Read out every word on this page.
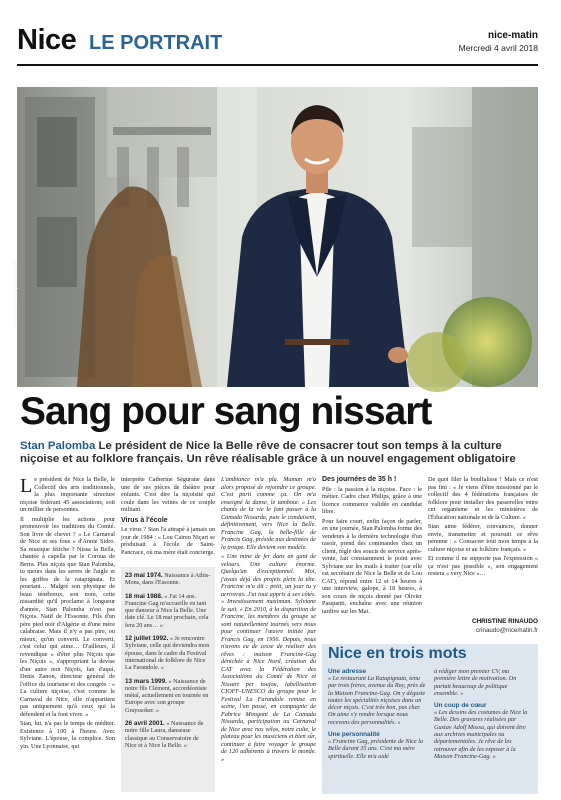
Nice LE PORTRAIT	nice-matin
Mercredi 4 avril 2018
Photo Jean-François Ottonello
Sang pour sang nissart
Stan Palomba Le président de Nice la Belle rêve de consacrer tout son temps à la culture niçoise et au folklore français. Un rêve réalisable grâce à un nouvel engagement obligatoire

Le président de Nice la Belle, le Collectif des arts traditionnels, la plus importante structure niçoise fédérant 45 associations, soit un millier de personnes.

Il multiplie les actions pour promouvoir les traditions du Comté. Son livre de chevet ? « Le Carnaval de Nice et ses fous » d'Annie Sidro. Sa musique fétiche ? Nissa la Bella, chantée à capella par le Coroua de Berra. Plus niçois que Stan Palomba, tu meurs dans les serres de l'aigle et les griffes de la ratapignata. Et pourtant… Malgré son physique de beau ténébreux, son nom, cette nissardité qu'il proclame à longueur d'année, Stan Palomba n'est pas Niçois. Natif de l'Essonne. Fils d'un père pied noir d'Algérie et d'une mère calabraise. Mais il n'y a pas pire, ou mieux, qu'un converti. Le converti, c'est celui qui aime… D'ailleurs, il revendique « d'être plus Niçois que les Niçois », s'appropriant la devise d'un autre non Niçois, fan d'aquí, Denis Zanon, directeur général de l'office du tourisme et des congrès : « La culture niçoise, c'est comme le Carnaval de Nice, elle n'appartient pas uniquement qu'à ceux qui la défendent et la font vivre. »

Stan, lui, n'a pas le temps de méditer. Existence à 100 à l'heure. Avec Sylviane. L'épouse, la complice. Son yin. Une Lyonnaise, qui

interprète Catherine Ségurane dans une de ses pièces de théâtre pour enfants. C'est dire la niçoisité qui coule dans les veines de ce couple militant.

Virus à l'école

Le virus ? Stan l'a attrapé à jamais un jour de 1984 : « Lou Caireu Niçart se produisait à l'école de Saint-Pancrace, où ma mère était concierge.

23 mai 1974. Naissance à Athis-Mons, dans l'Essonne.
18 mai 1988. « J'ai 14 ans. Francine Gag m'accueille en tant que danseur à Nice la Belle. Une date clé. Le 18 mai prochain, cela fera 20 ans… »
12 juillet 1992. « Je rencontre Sylviane, celle qui deviendra mon épouse, dans le cadre du Festival international de folklore de Nice La Farandole. »
13 mars 1999. « Naissance de notre fils Clément, accordéoniste métal, actuellement en tournée en Europe avec son groupe Grayssoker. »
26 avril 2001. « Naissance de notre fille Laura, danseuse classique au Conservatoire de Nice et à Nice la Belle. »

L'ambiance m'a plu. Maman m'a alors proposé de rejoindre ce groupe. C'est parti comme ça. On m'a enseigné la danse, le tambour. » Les chants de la vie le font passer à la Camada Nissarda, puis le conduisent, définitivement, vers Nice la Belle. Francine Gag, la belle-fille de Francis Gag, préside aux destinées de la troupe. Elle devient son modèle.

« Une mine de fer dans un gant de velours. Une culture énorme. Quelqu'un d'exceptionnel. Moi, j'avais déjà des projets plein la tête. Francine m'a dit : petit, un jour tu y arriveras. J'ai tout appris à ses côtés. » Investissement maximum. Sylviane le suit. « En 2010, à la disparition de Francine, les membres du groupe se sont naturellement tournés vers nous pour continuer l'œuvre initiée par Francis Gag, en 1956. Depuis, nous n'avons eu de cesse de réaliser des rêves : maison Francine-Gag dénichée à Nice Nord, création du CAT avec la Fédération des Associations du Comté de Nice et Nissart per toujou, labellisation CIOFF-UNESCO du groupe pour le Festival La Farandole remise en scène, l'an passé, en compagnie de Fabrice Mongoni de La Camada Nissarda, participation au Carnaval de Nice avec nos vélos, notre culte, le plateau pour les musiciens et bien sûr, continuer à faire voyager le groupe de 120 adhérents à travers le monde. »

Des journées de 35 h !

Pile : la passion à la niçoise. Face : le métier. Cadre chez Philips, grâce à une licence commerce validée en candidat libre.

Pour faire court, enfin façon de parler, en une journée, Stan Palomba forme des vendeurs à la dernière technologie d'un rasoir, prend des commandes chez un client, règle des soucis de service après-vente, fait constamment le point avec Sylviane sur les mails à traiter (car elle est secrétaire de Nice la Belle et de Lou CAT), répond entre 12 et 14 heures à une interview, galope, à 18 heures, à son cours de niçois donné par Olivier Pasquetti, enchaîne avec une réunion tardive sur les Mai.

De quoi filer la boulfalisse ! Mais ce n'est pas fini : « Je viens d'être missionné par le collectif des 4 fédérations françaises de folklore pour installer des passerelles entre cet organisme et les ministères de l'Éducation nationale et de la Culture. »

Stan aime fédérer, convaincre, donner envie, transmettre et poursuit ce rêve pérenne : « Consacrer tout mon temps à la culture niçoise et au folklore français. »

Et comme il ne supporte pas l'expression « ça n'est pas possible », son engagement restera « very Nice »…

CHRISTINE RINAUDO
crinaudo@nicematin.fr
Nice en trois mots

Une adresse

« Le restaurant La Ratapignata, tenu par trois frères, avenue du Ray, près de la Maison Francine-Gag. On y déguste toutes les spécialités niçoises dans un décor niçois. C'est très bon, pas cher. On aime s'y rendre lorsque nous recevons des personnalités. »

Une personnalité

« Francine Gag, présidente de Nice la Belle durant 35 ans. C'est ma mère spirituelle. Elle m'a aidé

à rédiger mon premier CV, ma première lettre de motivation. On partait beaucoup de politique ensemble. »

Un coup de cœur

« Les dessins des costumes de Nice la Belle. Des gravures réalisées par Gustav Adolf Mossa, qui doivent être aux archives municipales ou départementales. Je rêve de les retrouver afin de les exposer à la Maison Francine-Gag. »
